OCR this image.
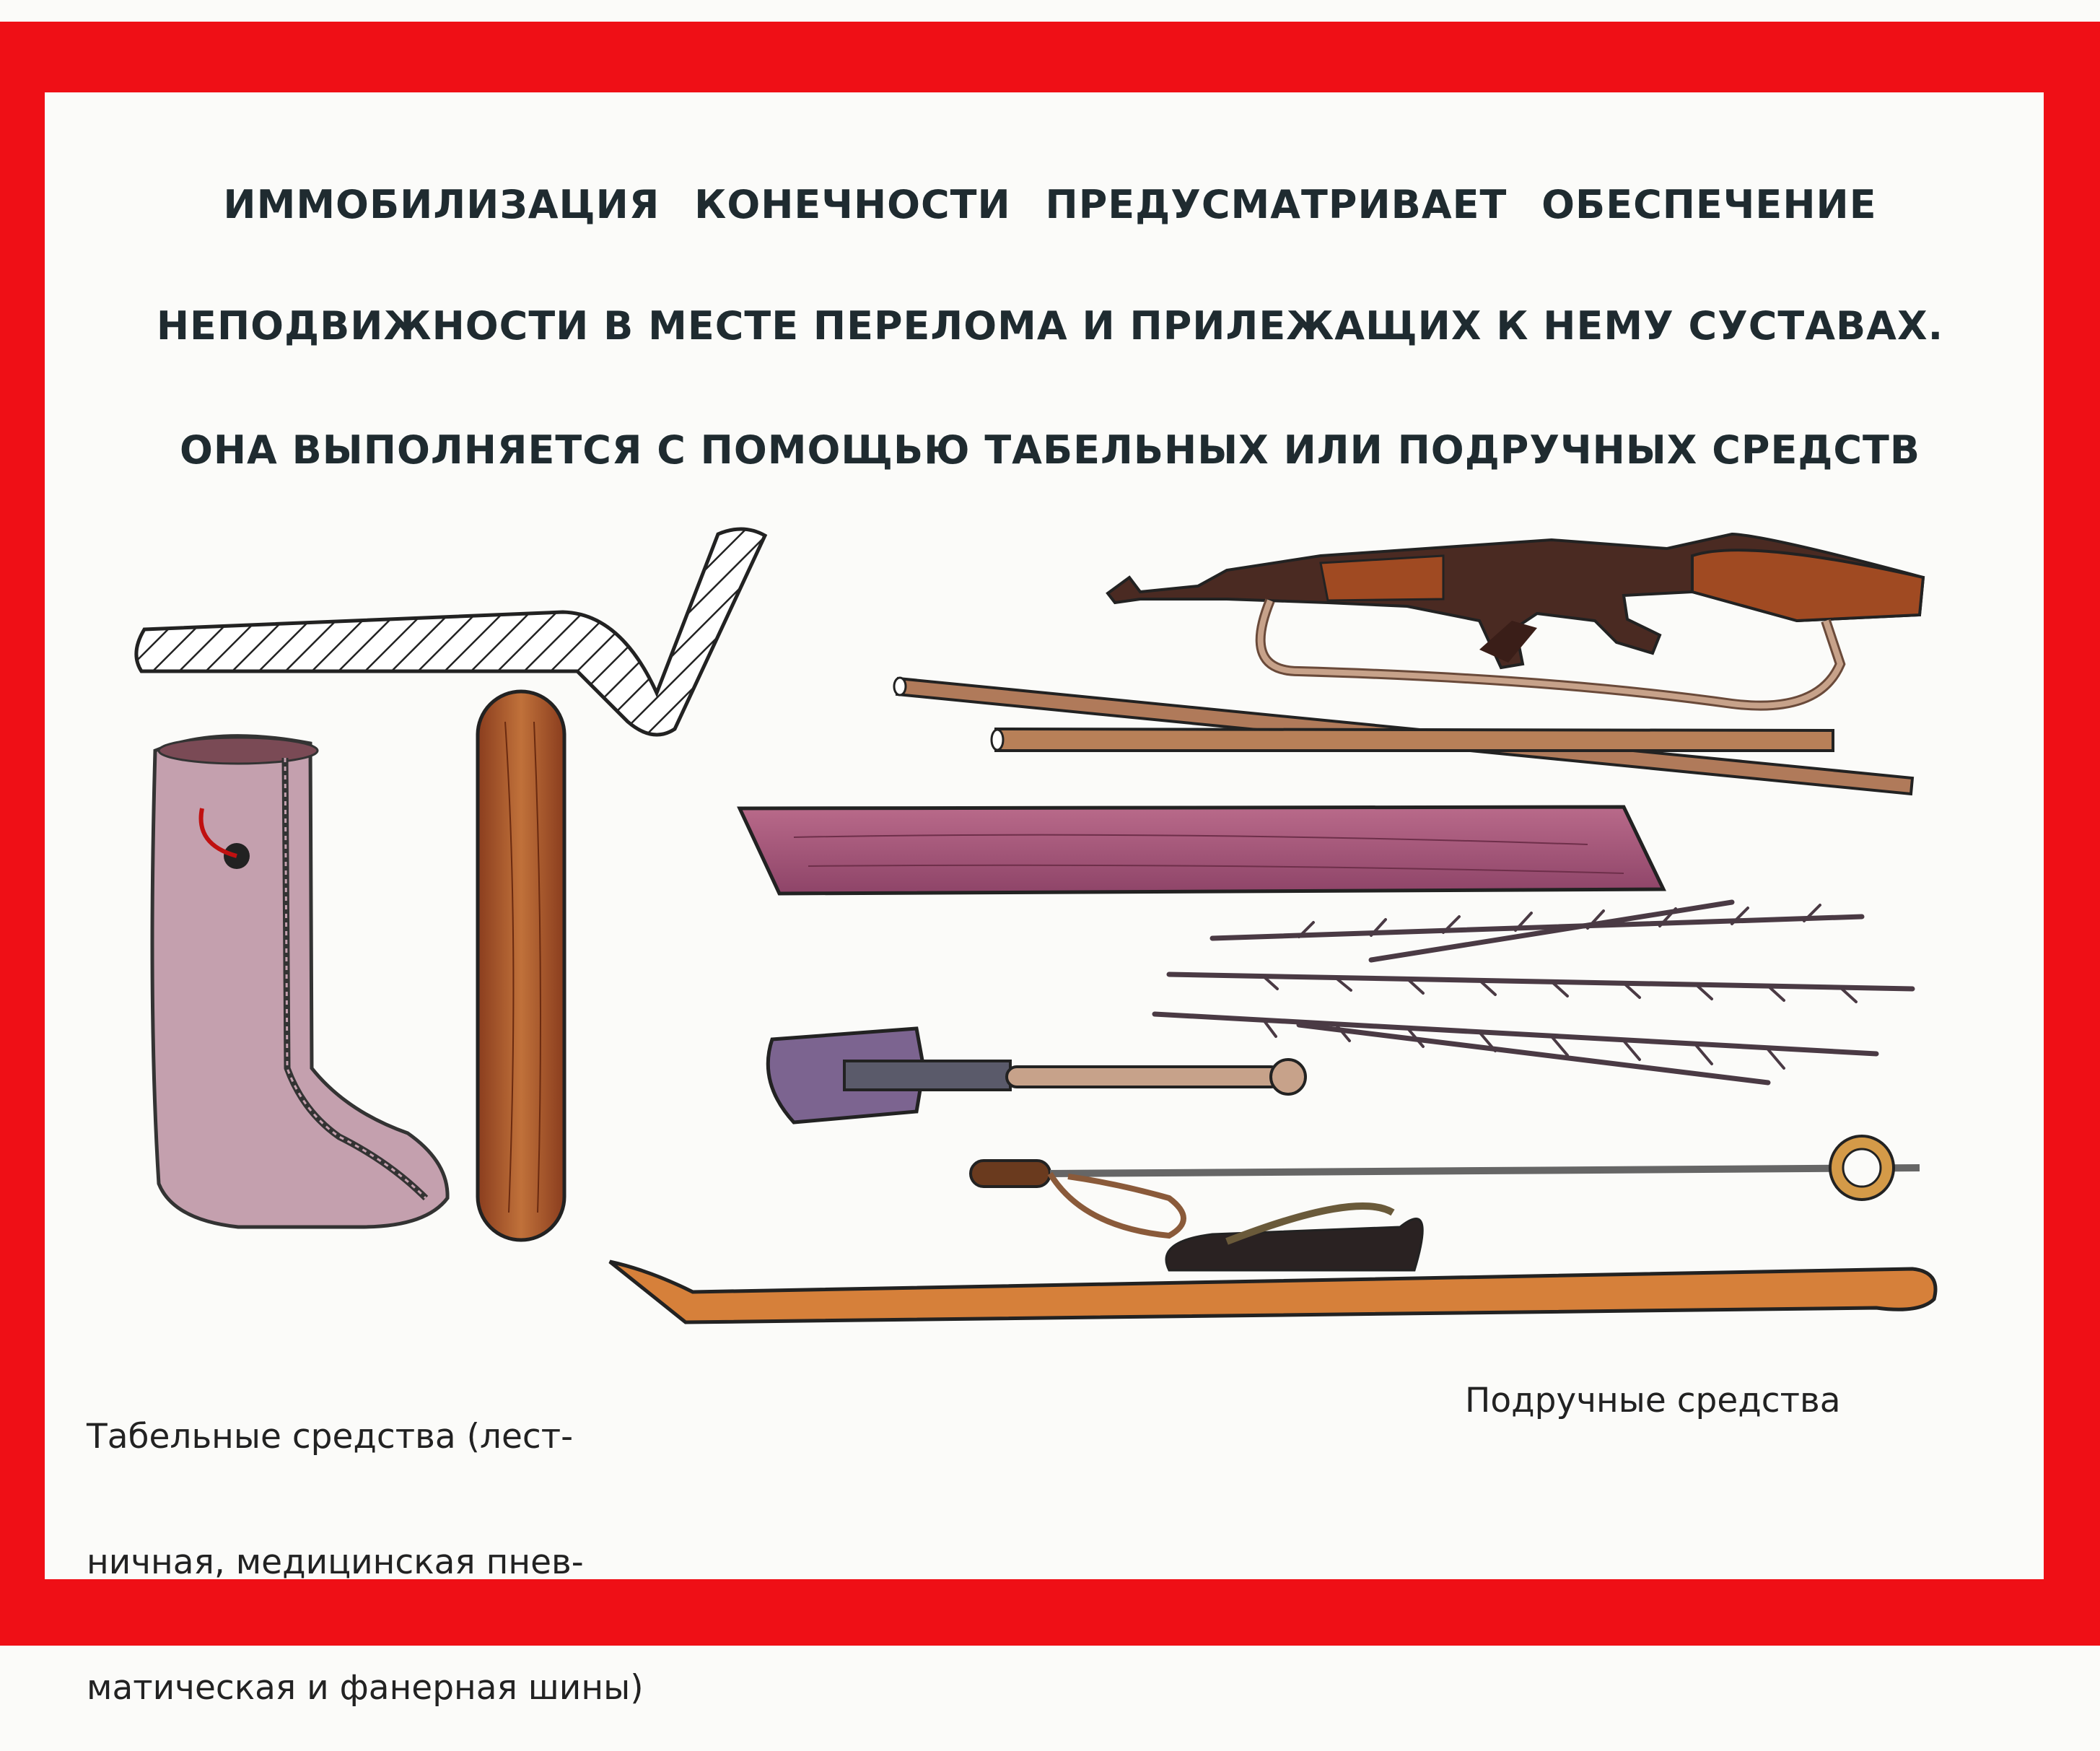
ИММОБИЛИЗАЦИЯ КОНЕЧНОСТИ ПРЕДУСМАТРИВАЕТ ОБЕСПЕЧЕНИЕ
НЕПОДВИЖНОСТИ В МЕСТЕ ПЕРЕЛОМА И ПРИЛЕЖАЩИХ К НЕМУ СУСТАВАХ.
ОНА ВЫПОЛНЯЕТСЯ С ПОМОЩЬЮ ТАБЕЛЬНЫХ ИЛИ ПОДРУЧНЫХ СРЕДСТВ

Табельные средства (лест-

ничная, медицинская пнев-

матическая и фанерная шины)

Подручные средства
